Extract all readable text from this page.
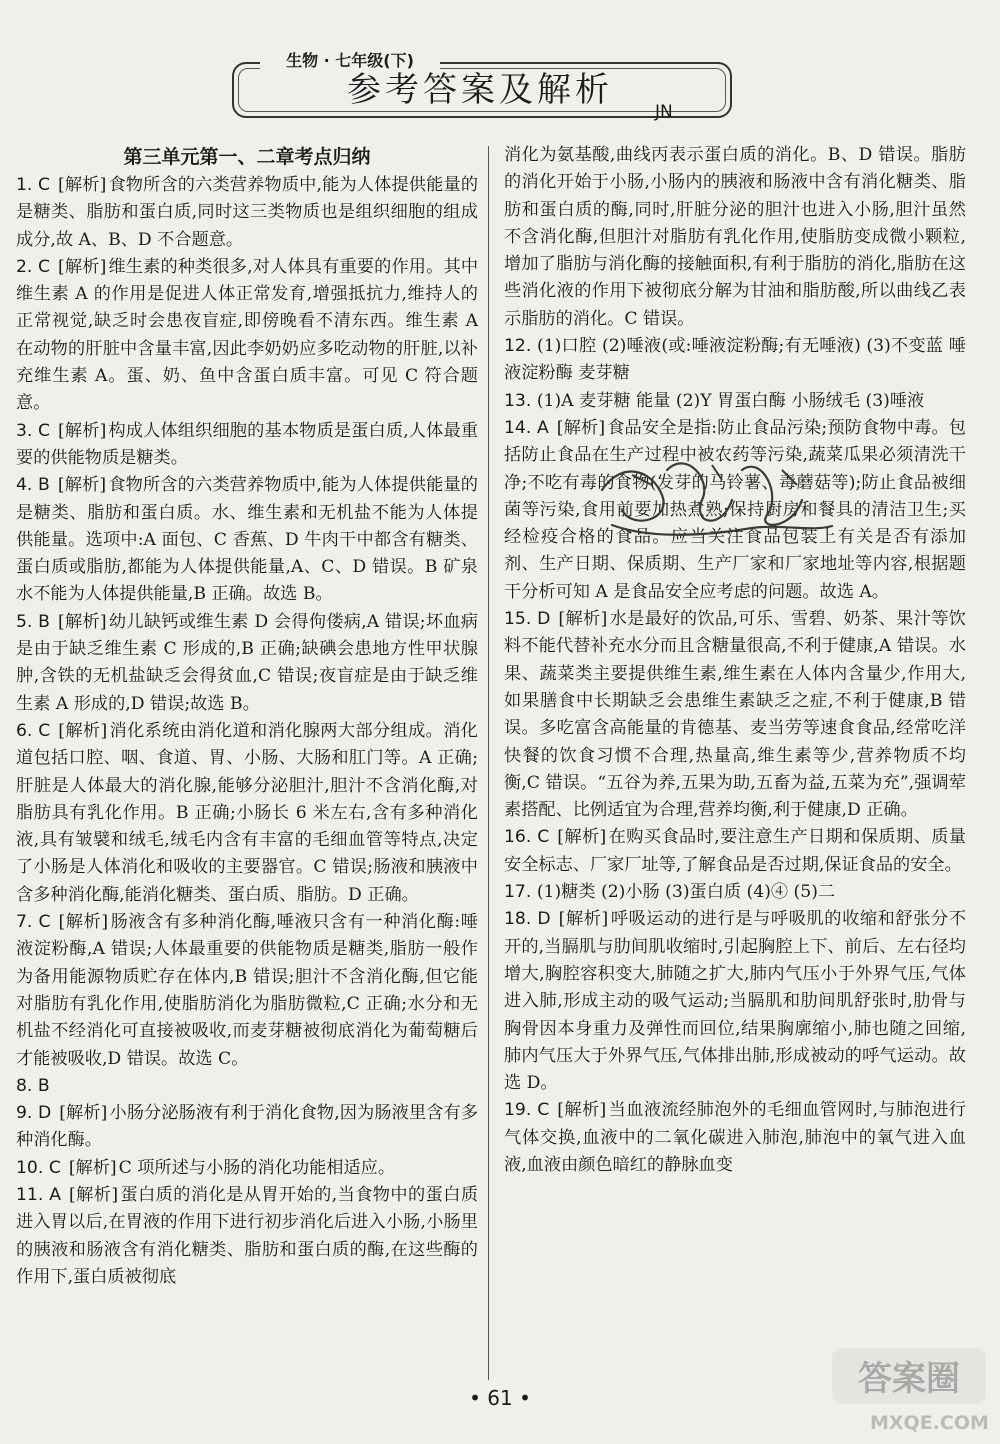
生物 · 七年级(下)
参考答案及解析
JN
第三单元第一、二章考点归纳

1. C [解析] 食物所含的六类营养物质中,能为人体提供能量的是糖类、脂肪和蛋白质,同时这三类物质也是组织细胞的组成成分,故 A、B、D 不合题意。

2. C [解析] 维生素的种类很多,对人体具有重要的作用。其中维生素 A 的作用是促进人体正常发育,增强抵抗力,维持人的正常视觉,缺乏时会患夜盲症,即傍晚看不清东西。维生素 A 在动物的肝脏中含量丰富,因此李奶奶应多吃动物的肝脏,以补充维生素 A。蛋、奶、鱼中含蛋白质丰富。可见 C 符合题意。

3. C [解析] 构成人体组织细胞的基本物质是蛋白质,人体最重要的供能物质是糖类。

4. B [解析] 食物所含的六类营养物质中,能为人体提供能量的是糖类、脂肪和蛋白质。水、维生素和无机盐不能为人体提供能量。选项中:A 面包、C 香蕉、D 牛肉干中都含有糖类、蛋白质或脂肪,都能为人体提供能量,A、C、D 错误。B 矿泉水不能为人体提供能量,B 正确。故选 B。

5. B [解析] 幼儿缺钙或维生素 D 会得佝偻病,A 错误;坏血病是由于缺乏维生素 C 形成的,B 正确;缺碘会患地方性甲状腺肿,含铁的无机盐缺乏会得贫血,C 错误;夜盲症是由于缺乏维生素 A 形成的,D 错误;故选 B。

6. C [解析] 消化系统由消化道和消化腺两大部分组成。消化道包括口腔、咽、食道、胃、小肠、大肠和肛门等。A 正确;肝脏是人体最大的消化腺,能够分泌胆汁,胆汁不含消化酶,对脂肪具有乳化作用。B 正确;小肠长 6 米左右,含有多种消化液,具有皱襞和绒毛,绒毛内含有丰富的毛细血管等特点,决定了小肠是人体消化和吸收的主要器官。C 错误;肠液和胰液中含多种消化酶,能消化糖类、蛋白质、脂肪。D 正确。

7. C [解析] 肠液含有多种消化酶,唾液只含有一种消化酶:唾液淀粉酶,A 错误;人体最重要的供能物质是糖类,脂肪一般作为备用能源物质贮存在体内,B 错误;胆汁不含消化酶,但它能对脂肪有乳化作用,使脂肪消化为脂肪微粒,C 正确;水分和无机盐不经消化可直接被吸收,而麦芽糖被彻底消化为葡萄糖后才能被吸收,D 错误。故选 C。

8. B

9. D [解析] 小肠分泌肠液有利于消化食物,因为肠液里含有多种消化酶。

10. C [解析] C 项所述与小肠的消化功能相适应。

11. A [解析] 蛋白质的消化是从胃开始的,当食物中的蛋白质进入胃以后,在胃液的作用下进行初步消化后进入小肠,小肠里的胰液和肠液含有消化糖类、脂肪和蛋白质的酶,在这些酶的作用下,蛋白质被彻底

消化为氨基酸,曲线丙表示蛋白质的消化。B、D 错误。脂肪的消化开始于小肠,小肠内的胰液和肠液中含有消化糖类、脂肪和蛋白质的酶,同时,肝脏分泌的胆汁也进入小肠,胆汁虽然不含消化酶,但胆汁对脂肪有乳化作用,使脂肪变成微小颗粒,增加了脂肪与消化酶的接触面积,有利于脂肪的消化,脂肪在这些消化液的作用下被彻底分解为甘油和脂肪酸,所以曲线乙表示脂肪的消化。C 错误。

12. (1)口腔 (2)唾液(或:唾液淀粉酶;有无唾液) (3)不变蓝 唾液淀粉酶 麦芽糖

13. (1)A 麦芽糖 能量 (2)Y 胃蛋白酶 小肠绒毛 (3)唾液

14. A [解析] 食品安全是指:防止食品污染;预防食物中毒。包括防止食品在生产过程中被农药等污染,蔬菜瓜果必须清洗干净;不吃有毒的食物(发芽的马铃薯、毒蘑菇等);防止食品被细菌等污染,食用前要加热煮熟;保持厨房和餐具的清洁卫生;买经检疫合格的食品。应当关注食品包装上有关是否有添加剂、生产日期、保质期、生产厂家和厂家地址等内容,根据题干分析可知 A 是食品安全应考虑的问题。故选 A。

15. D [解析] 水是最好的饮品,可乐、雪碧、奶茶、果汁等饮料不能代替补充水分而且含糖量很高,不利于健康,A 错误。水果、蔬菜类主要提供维生素,维生素在人体内含量少,作用大,如果膳食中长期缺乏会患维生素缺乏之症,不利于健康,B 错误。多吃富含高能量的肯德基、麦当劳等速食食品,经常吃洋快餐的饮食习惯不合理,热量高,维生素等少,营养物质不均衡,C 错误。“五谷为养,五果为助,五畜为益,五菜为充”,强调荤素搭配、比例适宜为合理,营养均衡,利于健康,D 正确。

16. C [解析] 在购买食品时,要注意生产日期和保质期、质量安全标志、厂家厂址等,了解食品是否过期,保证食品的安全。

17. (1)糖类 (2)小肠 (3)蛋白质 (4)④ (5)二

18. D [解析] 呼吸运动的进行是与呼吸肌的收缩和舒张分不开的,当膈肌与肋间肌收缩时,引起胸腔上下、前后、左右径均增大,胸腔容积变大,肺随之扩大,肺内气压小于外界气压,气体进入肺,形成主动的吸气运动;当膈肌和肋间肌舒张时,肋骨与胸骨因本身重力及弹性而回位,结果胸廓缩小,肺也随之回缩,肺内气压大于外界气压,气体排出肺,形成被动的呼气运动。故选 D。

19. C [解析] 当血液流经肺泡外的毛细血管网时,与肺泡进行气体交换,血液中的二氧化碳进入肺泡,肺泡中的氧气进入血液,血液由颜色暗红的静脉血变

• 61 •	答案圈
MXQE.COM
